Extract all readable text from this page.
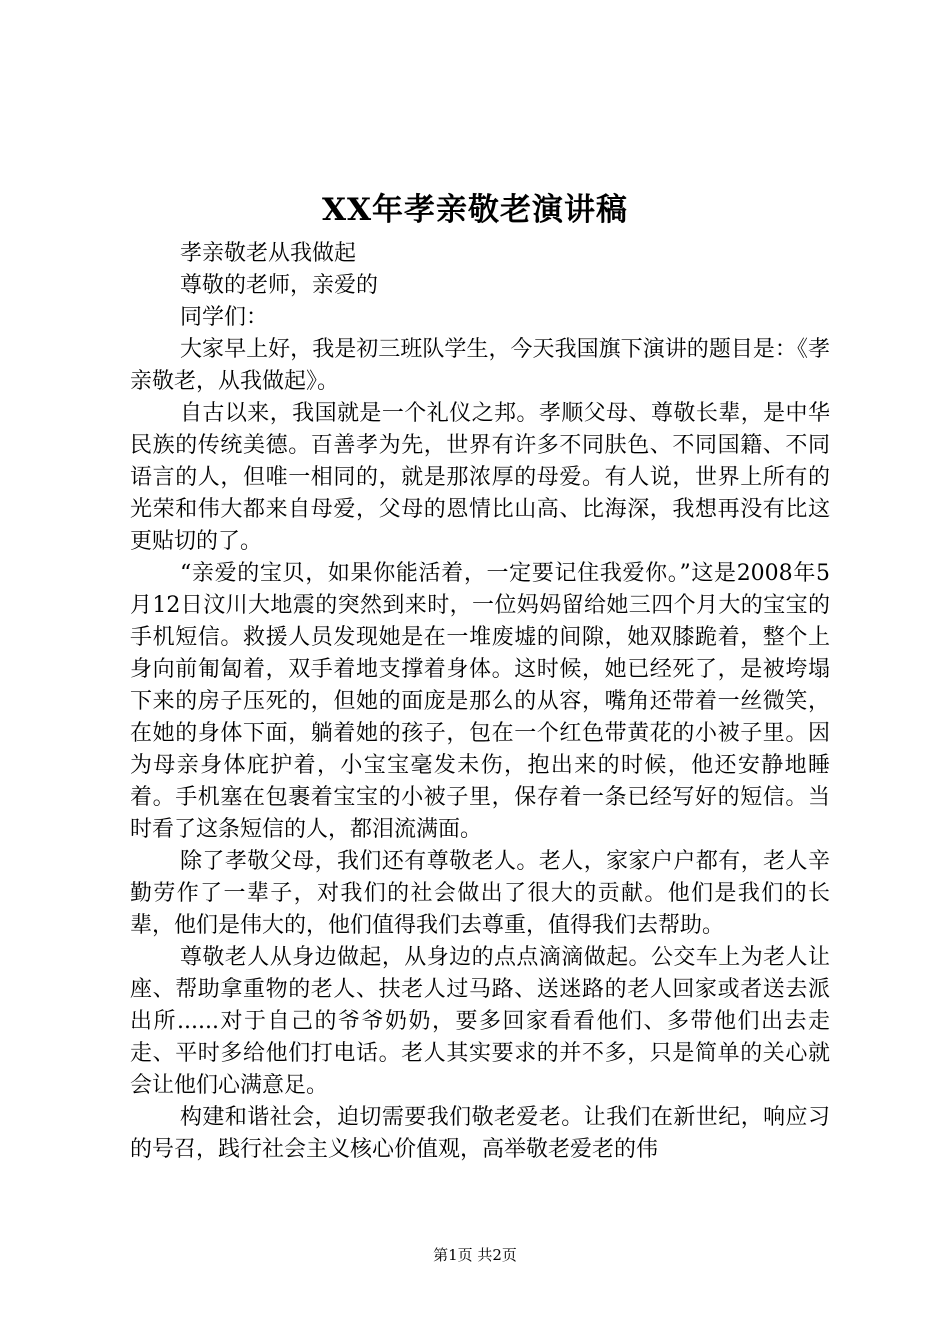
XX年孝亲敬老演讲稿

孝亲敬老从我做起

尊敬的老师，亲爱的

同学们：

大家早上好，我是初三班队学生，今天我国旗下演讲的题目是：《孝亲敬老，从我做起》。

自古以来，我国就是一个礼仪之邦。孝顺父母、尊敬长辈，是中华民族的传统美德。百善孝为先，世界有许多不同肤色、不同国籍、不同语言的人，但唯一相同的，就是那浓厚的母爱。有人说，世界上所有的光荣和伟大都来自母爱，父母的恩情比山高、比海深，我想再没有比这更贴切的了。

“亲爱的宝贝，如果你能活着，一定要记住我爱你。”这是2008年5月12日汶川大地震的突然到来时，一位妈妈留给她三四个月大的宝宝的手机短信。救援人员发现她是在一堆废墟的间隙，她双膝跪着，整个上身向前匍匐着，双手着地支撑着身体。这时候，她已经死了，是被垮塌下来的房子压死的，但她的面庞是那么的从容，嘴角还带着一丝微笑，在她的身体下面，躺着她的孩子，包在一个红色带黄花的小被子里。因为母亲身体庇护着，小宝宝毫发未伤，抱出来的时候，他还安静地睡着。手机塞在包裹着宝宝的小被子里，保存着一条已经写好的短信。当时看了这条短信的人，都泪流满面。

除了孝敬父母，我们还有尊敬老人。老人，家家户户都有，老人辛勤劳作了一辈子，对我们的社会做出了很大的贡献。他们是我们的长辈，他们是伟大的，他们值得我们去尊重，值得我们去帮助。

尊敬老人从身边做起，从身边的点点滴滴做起。公交车上为老人让座、帮助拿重物的老人、扶老人过马路、送迷路的老人回家或者送去派出所......对于自己的爷爷奶奶，要多回家看看他们、多带他们出去走走、平时多给他们打电话。老人其实要求的并不多，只是简单的关心就会让他们心满意足。

构建和谐社会，迫切需要我们敬老爱老。让我们在新世纪，响应习的号召，践行社会主义核心价值观，高举敬老爱老的伟

第1页 共2页
